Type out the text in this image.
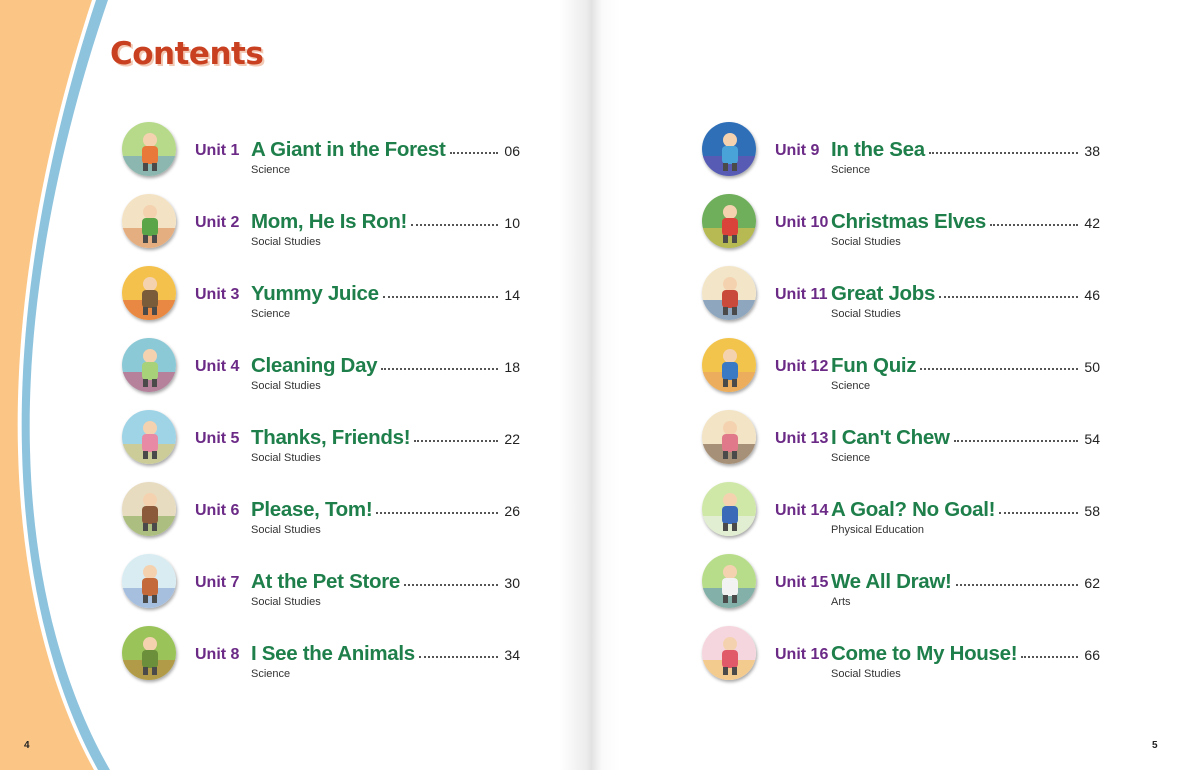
Contents
Unit 1 A Giant in the Forest	06
Science
Unit 2 Mom, He Is Ron!	10
Social Studies
Unit 3 Yummy Juice	14
Science
Unit 4 Cleaning Day	18
Social Studies
Unit 5 Thanks, Friends!	22
Social Studies
Unit 6 Please, Tom!	26
Social Studies
Unit 7 At the Pet Store	30
Social Studies
Unit 8 I See the Animals	34
Science
Unit 9 In the Sea	38
Science
Unit 10 Christmas Elves	42
Social Studies
Unit 11 Great Jobs	46
Social Studies
Unit 12 Fun Quiz	50
Science
Unit 13 I Can't Chew	54
Science
Unit 14 A Goal? No Goal!	58
Physical Education
Unit 15 We All Draw!	62
Arts
Unit 16 Come to My House!	66
Social Studies
4	5
